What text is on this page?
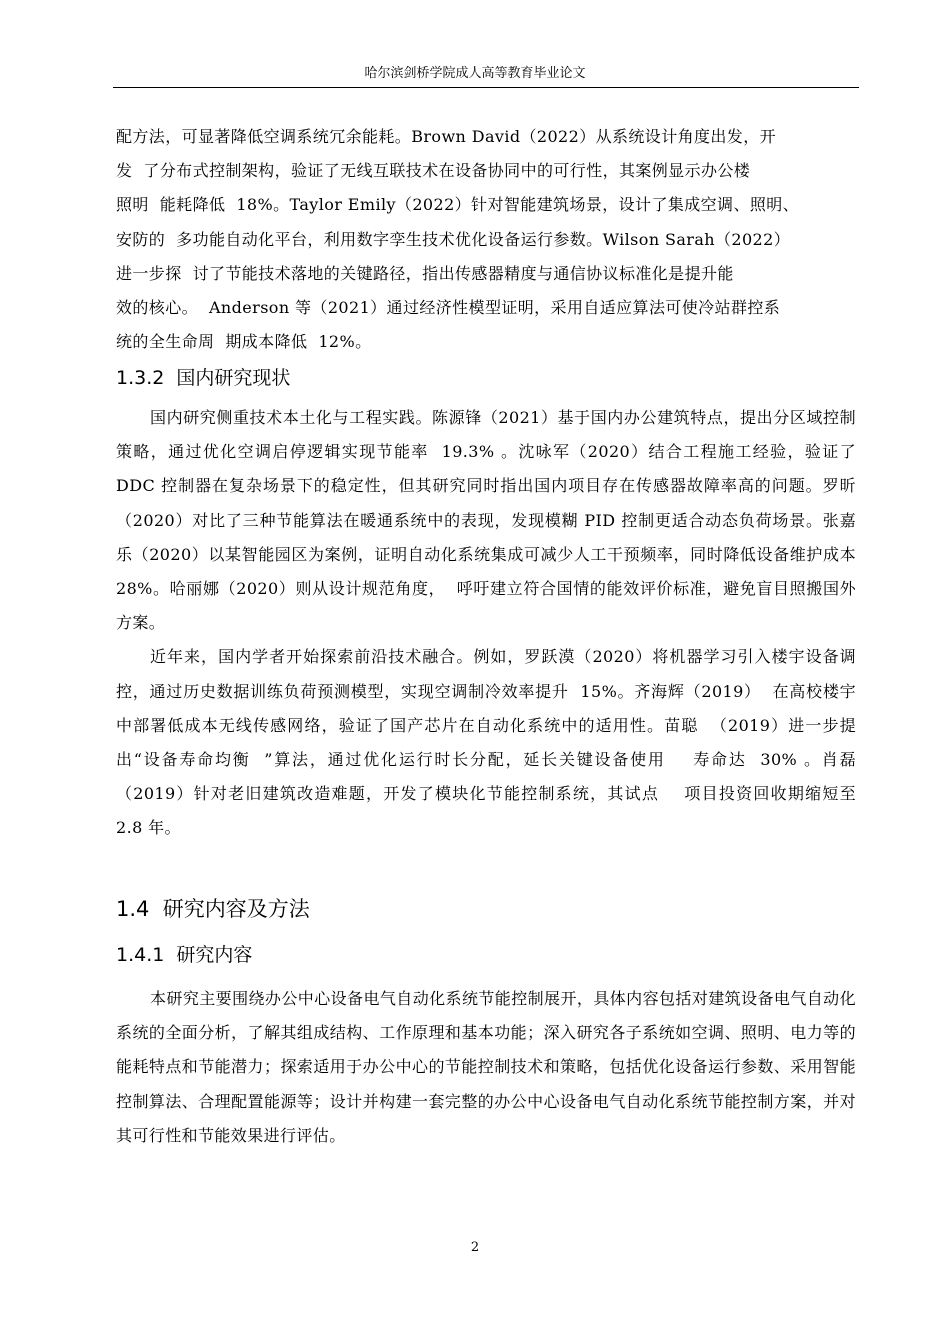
哈尔滨剑桥学院成人高等教育毕业论文

配方法，可显著降低空调系统冗余能耗。Brown David（2022）从系统设计角度出发，开

发  了分布式控制架构，验证了无线互联技术在设备协同中的可行性，其案例显示办公楼

照明  能耗降低  18%。Taylor Emily（2022）针对智能建筑场景，设计了集成空调、照明、

安防的  多功能自动化平台，利用数字孪生技术优化设备运行参数。Wilson Sarah（2022）

进一步探  讨了节能技术落地的关键路径，指出传感器精度与通信协议标准化是提升能

效的核心。  Anderson 等（2021）通过经济性模型证明，采用自适应算法可使冷站群控系

统的全生命周  期成本降低  12%。

1.3.2  国内研究现状

国内研究侧重技术本土化与工程实践。陈源锋（2021）基于国内办公建筑特点，提出分区域控制策略，通过优化空调启停逻辑实现节能率  19.3% 。沈咏军（2020）结合工程施工经验，验证了 DDC 控制器在复杂场景下的稳定性，但其研究同时指出国内项目存在传感器故障率高的问题。罗昕（2020）对比了三种节能算法在暖通系统中的表现，发现模糊 PID 控制更适合动态负荷场景。张嘉乐（2020）以某智能园区为案例，证明自动化系统集成可减少人工干预频率，同时降低设备维护成本  28%。哈丽娜（2020）则从设计规范角度，  呼吁建立符合国情的能效评价标准，避免盲目照搬国外方案。

近年来，国内学者开始探索前沿技术融合。例如，罗跃漠（2020）将机器学习引入楼宇设备调控，通过历史数据训练负荷预测模型，实现空调制冷效率提升  15%。齐海辉（2019）  在高校楼宇中部署低成本无线传感网络，验证了国产芯片在自动化系统中的适用性。苗聪  （2019）进一步提出“设备寿命均衡  ”算法，通过优化运行时长分配，延长关键设备使用    寿命达  30% 。肖磊（2019）针对老旧建筑改造难题，开发了模块化节能控制系统，其试点    项目投资回收期缩短至  2.8 年。

1.4  研究内容及方法
1.4.1  研究内容

本研究主要围绕办公中心设备电气自动化系统节能控制展开，具体内容包括对建筑设备电气自动化系统的全面分析，了解其组成结构、工作原理和基本功能；深入研究各子系统如空调、照明、电力等的能耗特点和节能潜力；探索适用于办公中心的节能控制技术和策略，包括优化设备运行参数、采用智能控制算法、合理配置能源等；设计并构建一套完整的办公中心设备电气自动化系统节能控制方案，并对其可行性和节能效果进行评估。

2
